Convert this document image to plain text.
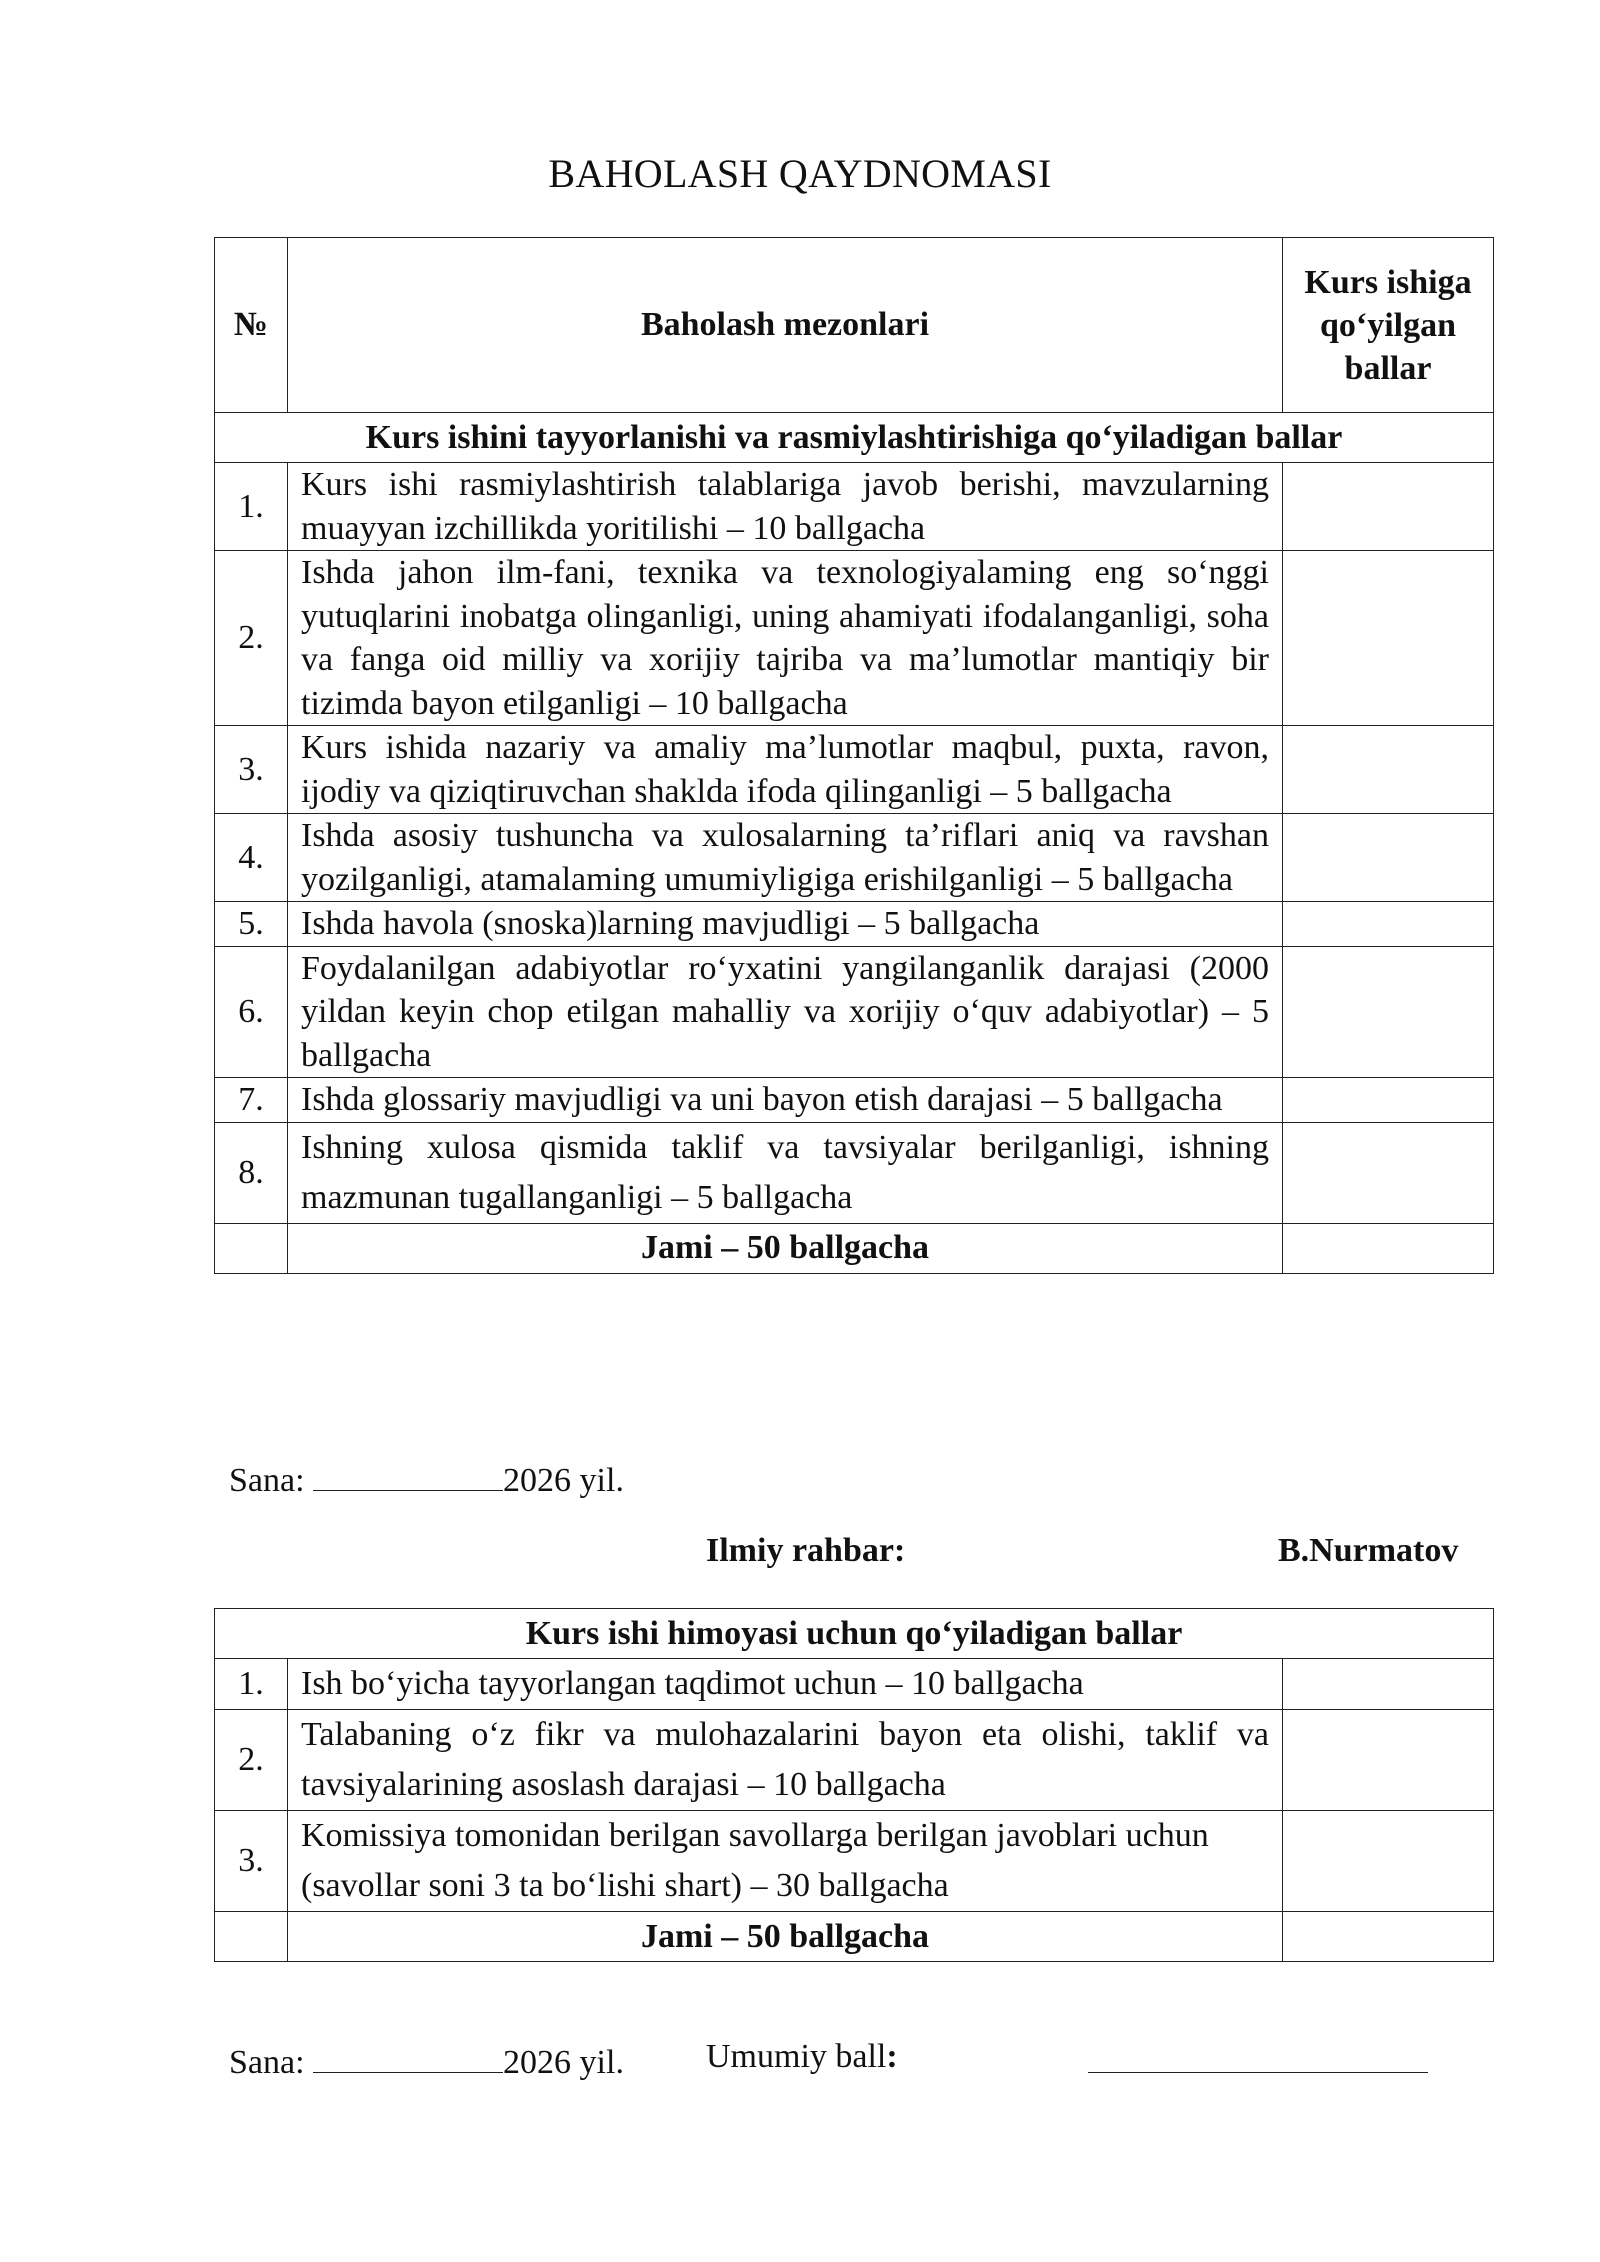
BAHOLASH QAYDNOMASI
№	Baholash mezonlari	Kurs ishiga qo‘yilgan ballar
Kurs ishini tayyorlanishi va rasmiylashtirishiga qo‘yiladigan ballar		
1.	Kurs ishi rasmiylashtirish talablariga javob berishi, mavzularning muayyan izchillikda yoritilishi – 10 ballgacha	
2.	Ishda jahon ilm-fani, texnika va texnologiyalaming eng so‘nggi yutuqlarini inobatga olinganligi, uning ahamiyati ifodalanganligi, soha va fanga oid milliy va xorijiy tajriba va ma’lumotlar mantiqiy bir tizimda bayon etilganligi – 10 ballgacha	
3.	Kurs ishida nazariy va amaliy ma’lumotlar maqbul, puxta, ravon, ijodiy va qiziqtiruvchan shaklda ifoda qilinganligi – 5 ballgacha	
4.	Ishda asosiy tushuncha va xulosalarning ta’riflari aniq va ravshan yozilganligi, atamalaming umumiyligiga erishilganligi – 5 ballgacha	
5.	Ishda havola (snoska)larning mavjudligi – 5 ballgacha	
6.	Foydalanilgan adabiyotlar ro‘yxatini yangilanganlik darajasi (2000 yildan keyin chop etilgan mahalliy va xorijiy o‘quv adabiyotlar) – 5 ballgacha	
7.	Ishda glossariy mavjudligi va uni bayon etish darajasi – 5 ballgacha	
8.	Ishning xulosa qismida taklif va tavsiyalar berilganligi, ishning mazmunan tugallanganligi – 5 ballgacha	
	Jami – 50 ballgacha	
Sana:	2026 yil.
Ilmiy rahbar:	B.Nurmatov
Kurs ishi himoyasi uchun qo‘yiladigan ballar		
1.	Ish bo‘yicha tayyorlangan taqdimot uchun – 10 ballgacha	
2.	Talabaning o‘z fikr va mulohazalarini bayon eta olishi, taklif va tavsiyalarining asoslash darajasi – 10 ballgacha	
3.	Komissiya tomonidan berilgan savollarga berilgan javoblari uchun (savollar soni 3 ta bo‘lishi shart) – 30 ballgacha	
	Jami – 50 ballgacha	
Sana:	2026 yil. Umumiy ball:
